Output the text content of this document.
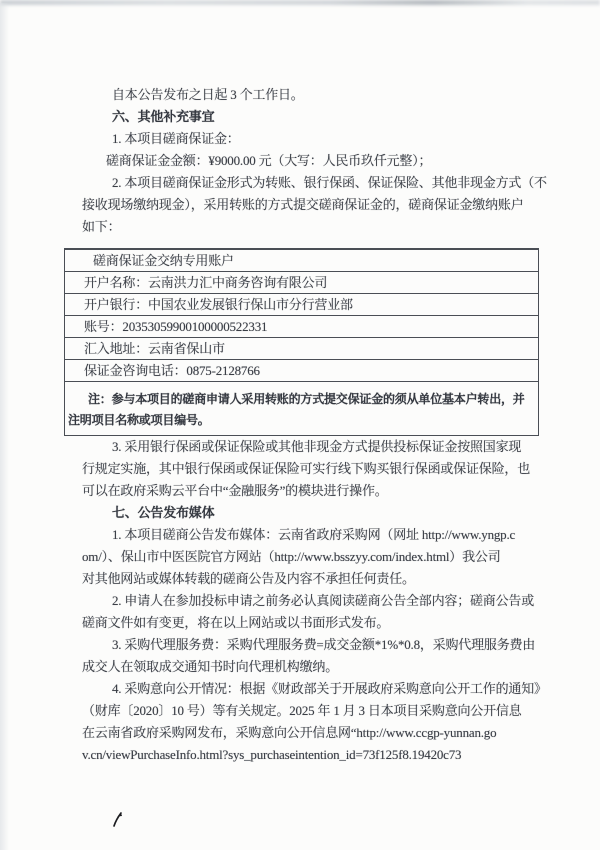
自本公告发布之日起 3 个工作日。
六、其他补充事宜
1. 本项目磋商保证金：
磋商保证金金额：¥9000.00 元（大写：人民币玖仟元整）；
2. 本项目磋商保证金形式为转账、银行保函、保证保险、其他非现金方式（不
接收现场缴纳现金），采用转账的方式提交磋商保证金的，磋商保证金缴纳账户
如下：
磋商保证金交纳专用账户
开户名称：云南洪力汇中商务咨询有限公司
开户银行：中国农业发展银行保山市分行营业部
账号：20353059900100000522331
汇入地址：云南省保山市
保证金咨询电话：0875-2128766
注：参与本项目的磋商申请人采用转账的方式提交保证金的须从单位基本户转出，并
注明项目名称或项目编号。
3. 采用银行保函或保证保险或其他非现金方式提供投标保证金按照国家现
行规定实施，其中银行保函或保证保险可实行线下购买银行保函或保证保险，也
可以在政府采购云平台中“金融服务”的模块进行操作。
七、公告发布媒体
1. 本项目磋商公告发布媒体：云南省政府采购网（网址 http://www.yngp.c
om/）、保山市中医医院官方网站（http://www.bsszyy.com/index.html）我公司
对其他网站或媒体转载的磋商公告及内容不承担任何责任。
2. 申请人在参加投标申请之前务必认真阅读磋商公告全部内容；磋商公告或
磋商文件如有变更，将在以上网站或以书面形式发布。
3. 采购代理服务费：采购代理服务费=成交金额*1%*0.8，采购代理服务费由
成交人在领取成交通知书时向代理机构缴纳。
4. 采购意向公开情况：根据《财政部关于开展政府采购意向公开工作的通知》
（财库〔2020〕10 号）等有关规定。2025 年 1 月 3 日本项目采购意向公开信息
在云南省政府采购网发布，采购意向公开信息网“http://www.ccgp-yunnan.go
v.cn/viewPurchaseInfo.html?sys_purchaseintention_id=73f125f8.19420c73
